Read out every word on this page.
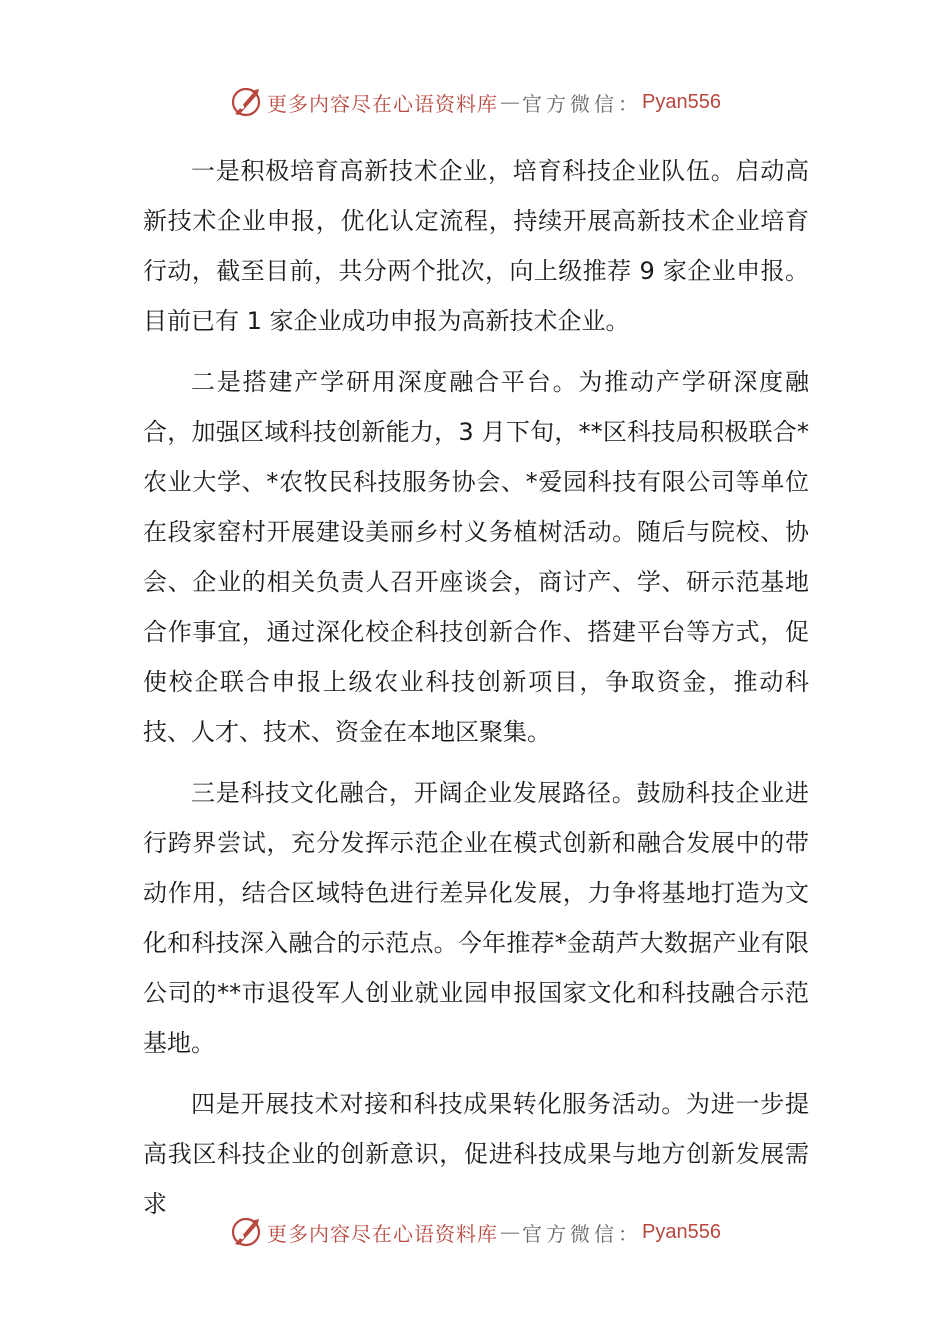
更多内容尽在心语资料库 — 官方微信： Pyan556

一是积极培育高新技术企业，培育科技企业队伍。启动高新技术企业申报，优化认定流程，持续开展高新技术企业培育行动，截至目前，共分两个批次，向上级推荐 9 家企业申报。目前已有 1 家企业成功申报为高新技术企业。

二是搭建产学研用深度融合平台。为推动产学研深度融合，加强区域科技创新能力，3 月下旬，**区科技局积极联合*农业大学、*农牧民科技服务协会、*爱园科技有限公司等单位在段家窑村开展建设美丽乡村义务植树活动。随后与院校、协会、企业的相关负责人召开座谈会，商讨产、学、研示范基地合作事宜，通过深化校企科技创新合作、搭建平台等方式，促使校企联合申报上级农业科技创新项目，争取资金，推动科技、人才、技术、资金在本地区聚集。

三是科技文化融合，开阔企业发展路径。鼓励科技企业进行跨界尝试，充分发挥示范企业在模式创新和融合发展中的带动作用，结合区域特色进行差异化发展，力争将基地打造为文化和科技深入融合的示范点。今年推荐*金葫芦大数据产业有限公司的**市退役军人创业就业园申报国家文化和科技融合示范基地。

四是开展技术对接和科技成果转化服务活动。为进一步提高我区科技企业的创新意识，促进科技成果与地方创新发展需求

更多内容尽在心语资料库 — 官方微信： Pyan556
